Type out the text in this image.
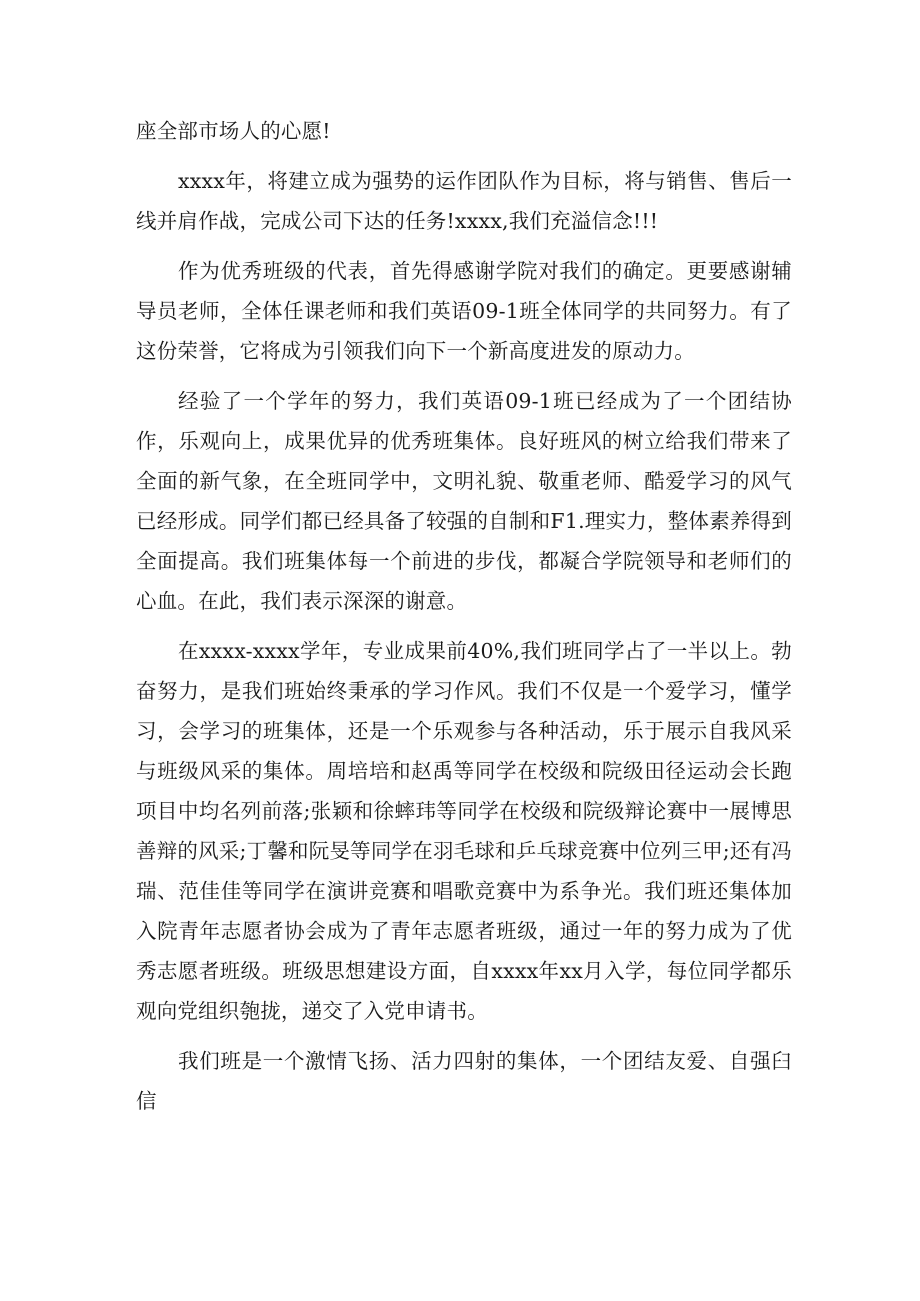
座全部市场人的心愿!

xxxx年，将建立成为强势的运作团队作为目标，将与销售、售后一线并肩作战，完成公司下达的任务!xxxx,我们充溢信念!!!

作为优秀班级的代表，首先得感谢学院对我们的确定。更要感谢辅导员老师，全体任课老师和我们英语09-1班全体同学的共同努力。有了这份荣誉，它将成为引领我们向下一个新高度进发的原动力。

经验了一个学年的努力，我们英语09-1班已经成为了一个团结协作，乐观向上，成果优异的优秀班集体。良好班风的树立给我们带来了全面的新气象，在全班同学中，文明礼貌、敬重老师、酷爱学习的风气已经形成。同学们都已经具备了较强的自制和F1.理实力，整体素养得到全面提高。我们班集体每一个前进的步伐，都凝合学院领导和老师们的心血。在此，我们表示深深的谢意。

在xxxx-xxxx学年，专业成果前40%,我们班同学占了一半以上。勃奋努力，是我们班始终秉承的学习作风。我们不仅是一个爱学习，懂学习，会学习的班集体，还是一个乐观参与各种活动，乐于展示自我风采与班级风采的集体。周培培和赵禹等同学在校级和院级田径运动会长跑项目中均名列前落;张颖和徐蟀玮等同学在校级和院级辩论赛中一展博思善辩的风采;丁馨和阮旻等同学在羽毛球和乒乓球竞赛中位列三甲;还有冯瑞、范佳佳等同学在演讲竞赛和唱歌竞赛中为系争光。我们班还集体加入院青年志愿者协会成为了青年志愿者班级，通过一年的努力成为了优秀志愿者班级。班级思想建设方面，自xxxx年xx月入学，每位同学都乐观向党组织匏拢，递交了入党申请书。

我们班是一个激情飞扬、活力四射的集体，一个团结友爱、自强臼信
